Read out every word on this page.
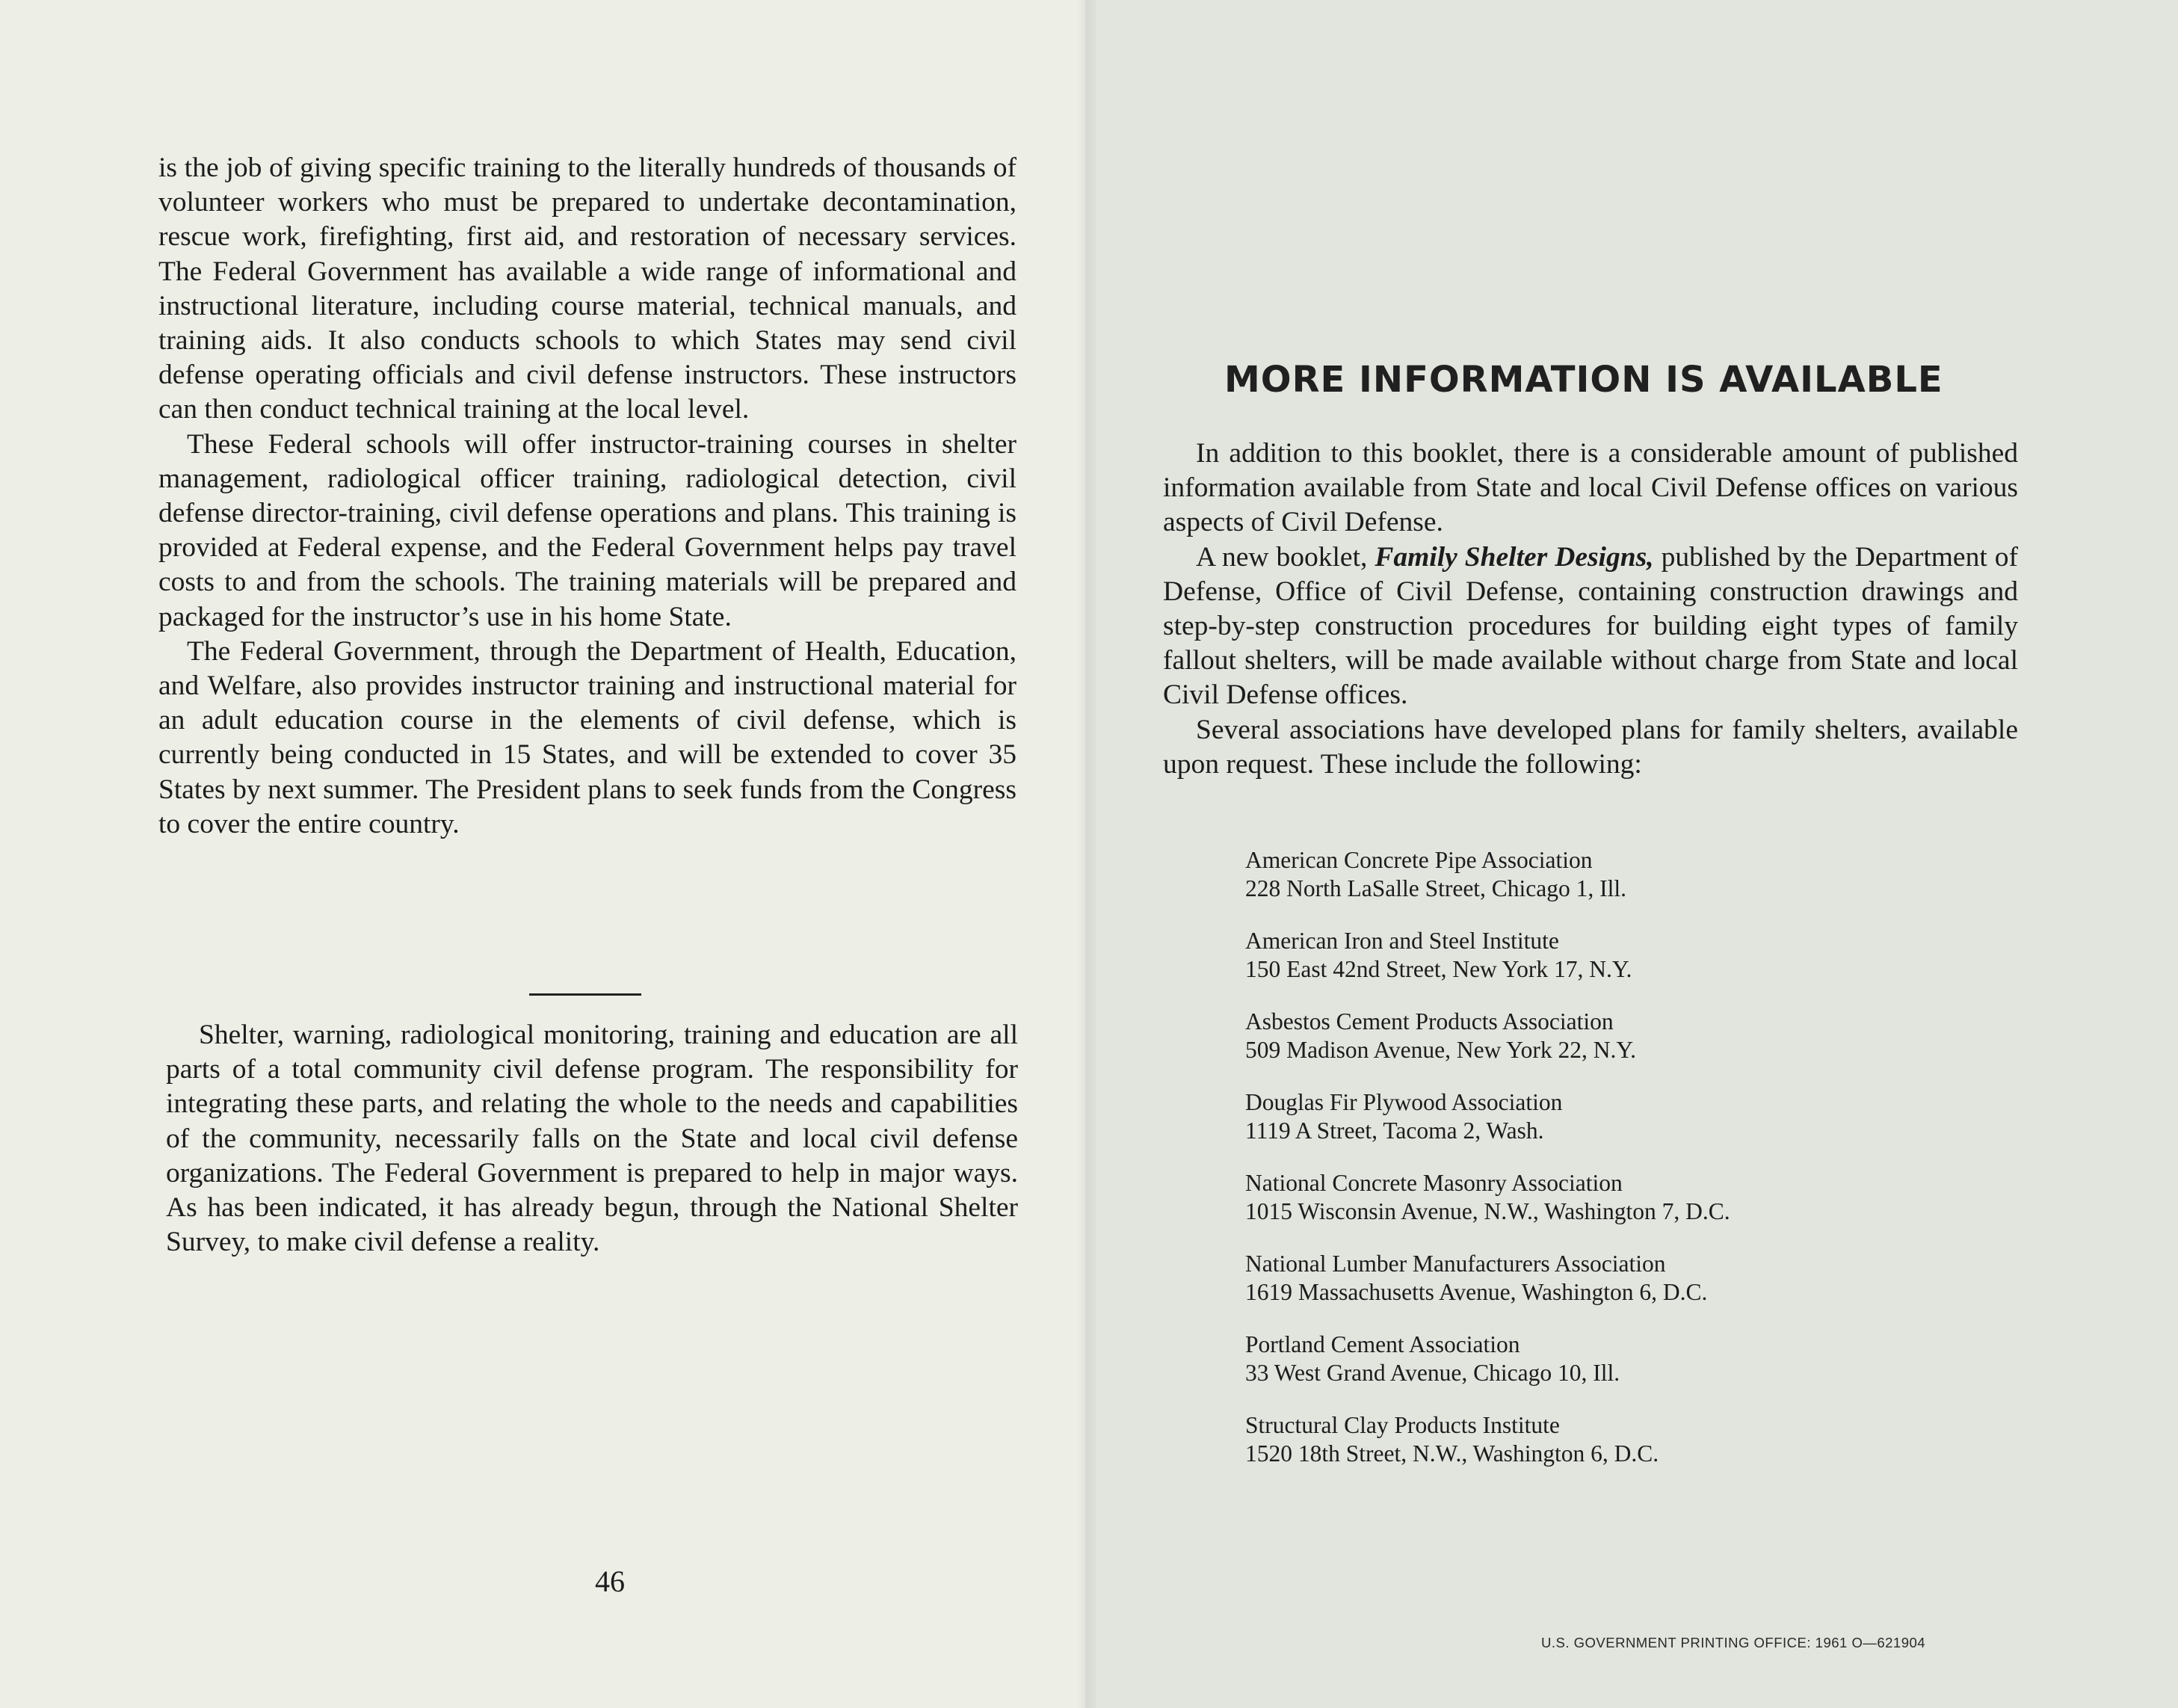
is the job of giving specific training to the literally hundreds of thousands of volunteer workers who must be prepared to undertake decontamination, rescue work, firefighting, first aid, and restoration of necessary services. The Federal Government has available a wide range of informational and instructional literature, including course material, technical manuals, and training aids. It also conducts schools to which States may send civil defense operating officials and civil defense instructors. These instructors can then conduct technical training at the local level.

These Federal schools will offer instructor-training courses in shelter management, radiological officer training, radiological detection, civil defense director-training, civil defense operations and plans. This training is provided at Federal expense, and the Federal Government helps pay travel costs to and from the schools. The training materials will be prepared and packaged for the instructor’s use in his home State.

The Federal Government, through the Department of Health, Education, and Welfare, also provides instructor training and instructional material for an adult education course in the elements of civil defense, which is currently being conducted in 15 States, and will be extended to cover 35 States by next summer. The President plans to seek funds from the Congress to cover the entire country.

Shelter, warning, radiological monitoring, training and education are all parts of a total community civil defense program. The responsibility for integrating these parts, and relating the whole to the needs and capabilities of the community, necessarily falls on the State and local civil defense organizations. The Federal Government is prepared to help in major ways. As has been indicated, it has already begun, through the National Shelter Survey, to make civil defense a reality.

46
MORE INFORMATION IS AVAILABLE

In addition to this booklet, there is a considerable amount of published information available from State and local Civil Defense offices on various aspects of Civil Defense.

A new booklet, Family Shelter Designs, published by the Department of Defense, Office of Civil Defense, containing construction drawings and step-by-step construction procedures for building eight types of family fallout shelters, will be made available without charge from State and local Civil Defense offices.

Several associations have developed plans for family shelters, available upon request. These include the following:

American Concrete Pipe Association
228 North LaSalle Street, Chicago 1, Ill.
American Iron and Steel Institute
150 East 42nd Street, New York 17, N.Y.
Asbestos Cement Products Association
509 Madison Avenue, New York 22, N.Y.
Douglas Fir Plywood Association
1119 A Street, Tacoma 2, Wash.
National Concrete Masonry Association
1015 Wisconsin Avenue, N.W., Washington 7, D.C.
National Lumber Manufacturers Association
1619 Massachusetts Avenue, Washington 6, D.C.
Portland Cement Association
33 West Grand Avenue, Chicago 10, Ill.
Structural Clay Products Institute
1520 18th Street, N.W., Washington 6, D.C.
U.S. GOVERNMENT PRINTING OFFICE: 1961 O—621904
